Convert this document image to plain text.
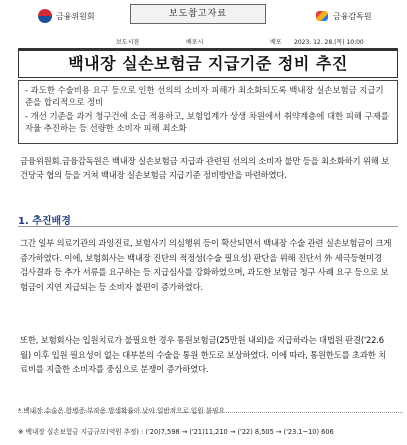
금융위원회	보도참고자료	금융감독원
보도시점	배포시	배포 2023. 12. 28.(목) 10:00
백내장 실손보험금 지급기준 정비 추진

- 과도한 수술비용 요구 등으로 인한 선의의 소비자 피해가 최소화되도록 백내장 실손보험금 지급기준을 합리적으로 정비

- 개선 기준을 과거 청구건에 소급 적용하고, 보험업계가 상생 차원에서 취약계층에 대한 피해 구제를 자율 추진하는 등 선량한 소비자 피해 최소화

금융위원회․금융감독원은 백내장 실손보험금 지급과 관련된 선의의 소비자 불만 등을 최소화하기 위해 보건당국 협의 등을 거쳐 백내장 실손보험금 지급기준 정비방안을 마련하였다.
1. 추진배경
그간 일부 의료기관의 과잉진료, 보험사기 의심행위 등이 확산되면서 백내장 수술 관련 실손보험금이 크게 증가하였다. 이에, 보험회사는 백내장 진단의 적정성(수술 필요성) 판단을 위해 진단서 外 세극등현미경 검사결과 등 추가 서류를 요구하는 등 지급심사를 강화하였으며, 과도한 보험금 청구 사례 요구 등으로 보험금이 지연 지급되는 등 소비자 불편이 증가하였다.
또한, 보험회사는 입원치료가 불필요한 경우 통원보험금(25만원 내외)을 지급하라는 대법원 판결('22.6월) 이후 입원 필요성이 없는 대부분의 수술을 통원 한도로 보상하였다. 이에 따라, 통원한도를 초과한 치료비를 지출한 소비자를 중심으로 분쟁이 증가하였다.
* 백내장 수술은 합병증·부작용 발생확률이 낮아 일반적으로 입원 불필요
※ 백내장 실손보험금 지급규모(억원 추정) : ('20)7,598 → ('21)11,210 → ('22) 8,505 → ('23.1~10) 606
